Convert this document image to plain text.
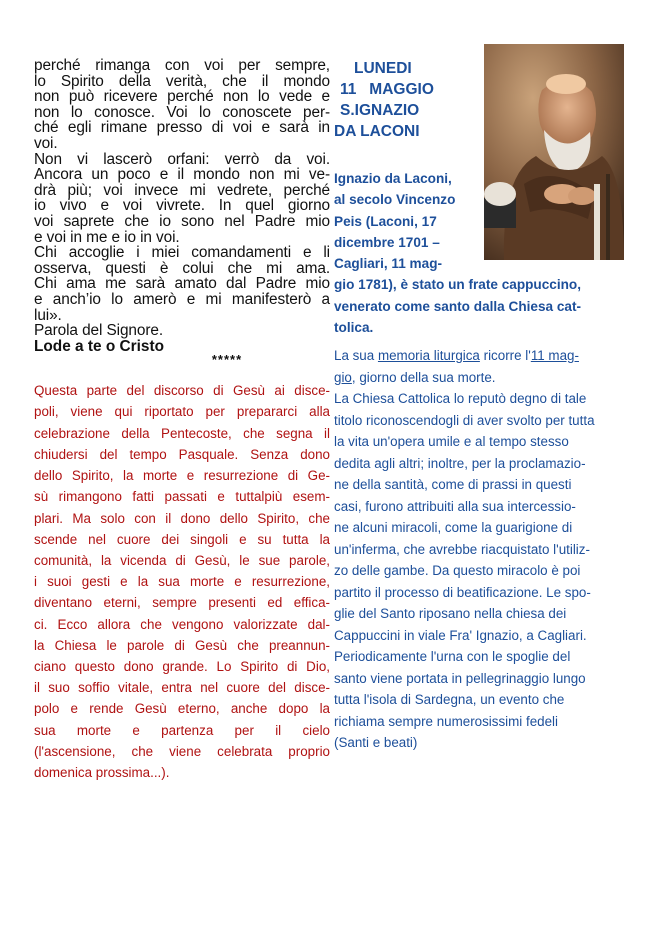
perché rimanga con voi per sempre,
lo Spirito della verità, che il mondo
non può ricevere perché non lo vede e
non lo conosce. Voi lo conoscete per-
ché egli rimane presso di voi e sarà in
voi.
Non vi lascerò orfani: verrò da voi.
Ancora un poco e il mondo non mi ve-
drà più; voi invece mi vedrete, perché
io vivo e voi vivrete. In quel giorno
voi saprete che io sono nel Padre mio
e voi in me e io in voi.
Chi accoglie i miei comandamenti e li
osserva, questi è colui che mi ama.
Chi ama me sarà amato dal Padre mio
e anch’io lo amerò e mi manifesterò a
lui».
Parola del Signore.
Lode a te o Cristo
*****
Questa parte del discorso di Gesù ai disce-
poli, viene qui riportato per prepararci alla
celebrazione della Pentecoste, che segna il
chiudersi del tempo Pasquale. Senza dono
dello Spirito, la morte e resurrezione di Ge-
sù rimangono fatti passati e tuttalpiù esem-
plari. Ma solo con il dono dello Spirito, che
scende nel cuore dei singoli e su tutta la
comunità, la vicenda di Gesù, le sue parole,
i suoi gesti e la sua morte e resurrezione,
diventano eterni, sempre presenti ed effica-
ci. Ecco allora che vengono valorizzate dal-
la Chiesa le parole di Gesù che preannun-
ciano questo dono grande. Lo Spirito di Dio,
il suo soffio vitale, entra nel cuore del disce-
polo e rende Gesù eterno, anche dopo la
sua morte e partenza per il cielo
(l'ascensione, che viene celebrata proprio
domenica prossima...).
LUNEDI
11   MAGGIO
S.IGNAZIO
DA LACONI
Ignazio da Laconi,
al secolo Vincenzo
Peis (Laconi, 17
dicembre 1701 –
Cagliari, 11 mag-
gio 1781), è stato un frate cappuccino,
venerato come santo dalla Chiesa cat-
tolica.
La sua memoria liturgica ricorre l'11 mag-
gio, giorno della sua morte.
La Chiesa Cattolica lo reputò degno di tale
titolo riconoscendogli di aver svolto per tutta
la vita un'opera umile e al tempo stesso
dedita agli altri; inoltre, per la proclamazio-
ne della santità, come di prassi in questi
casi, furono attribuiti alla sua intercessio-
ne alcuni miracoli, come la guarigione di
un'inferma, che avrebbe riacquistato l'utiliz-
zo delle gambe. Da questo miracolo è poi
partito il processo di beatificazione. Le spo-
glie del Santo riposano nella chiesa dei
Cappuccini in viale Fra' Ignazio, a Cagliari.
Periodicamente l'urna con le spoglie del
santo viene portata in pellegrinaggio lungo
tutta l'isola di Sardegna, un evento che
richiama sempre numerosissimi fedeli
(Santi e beati)
